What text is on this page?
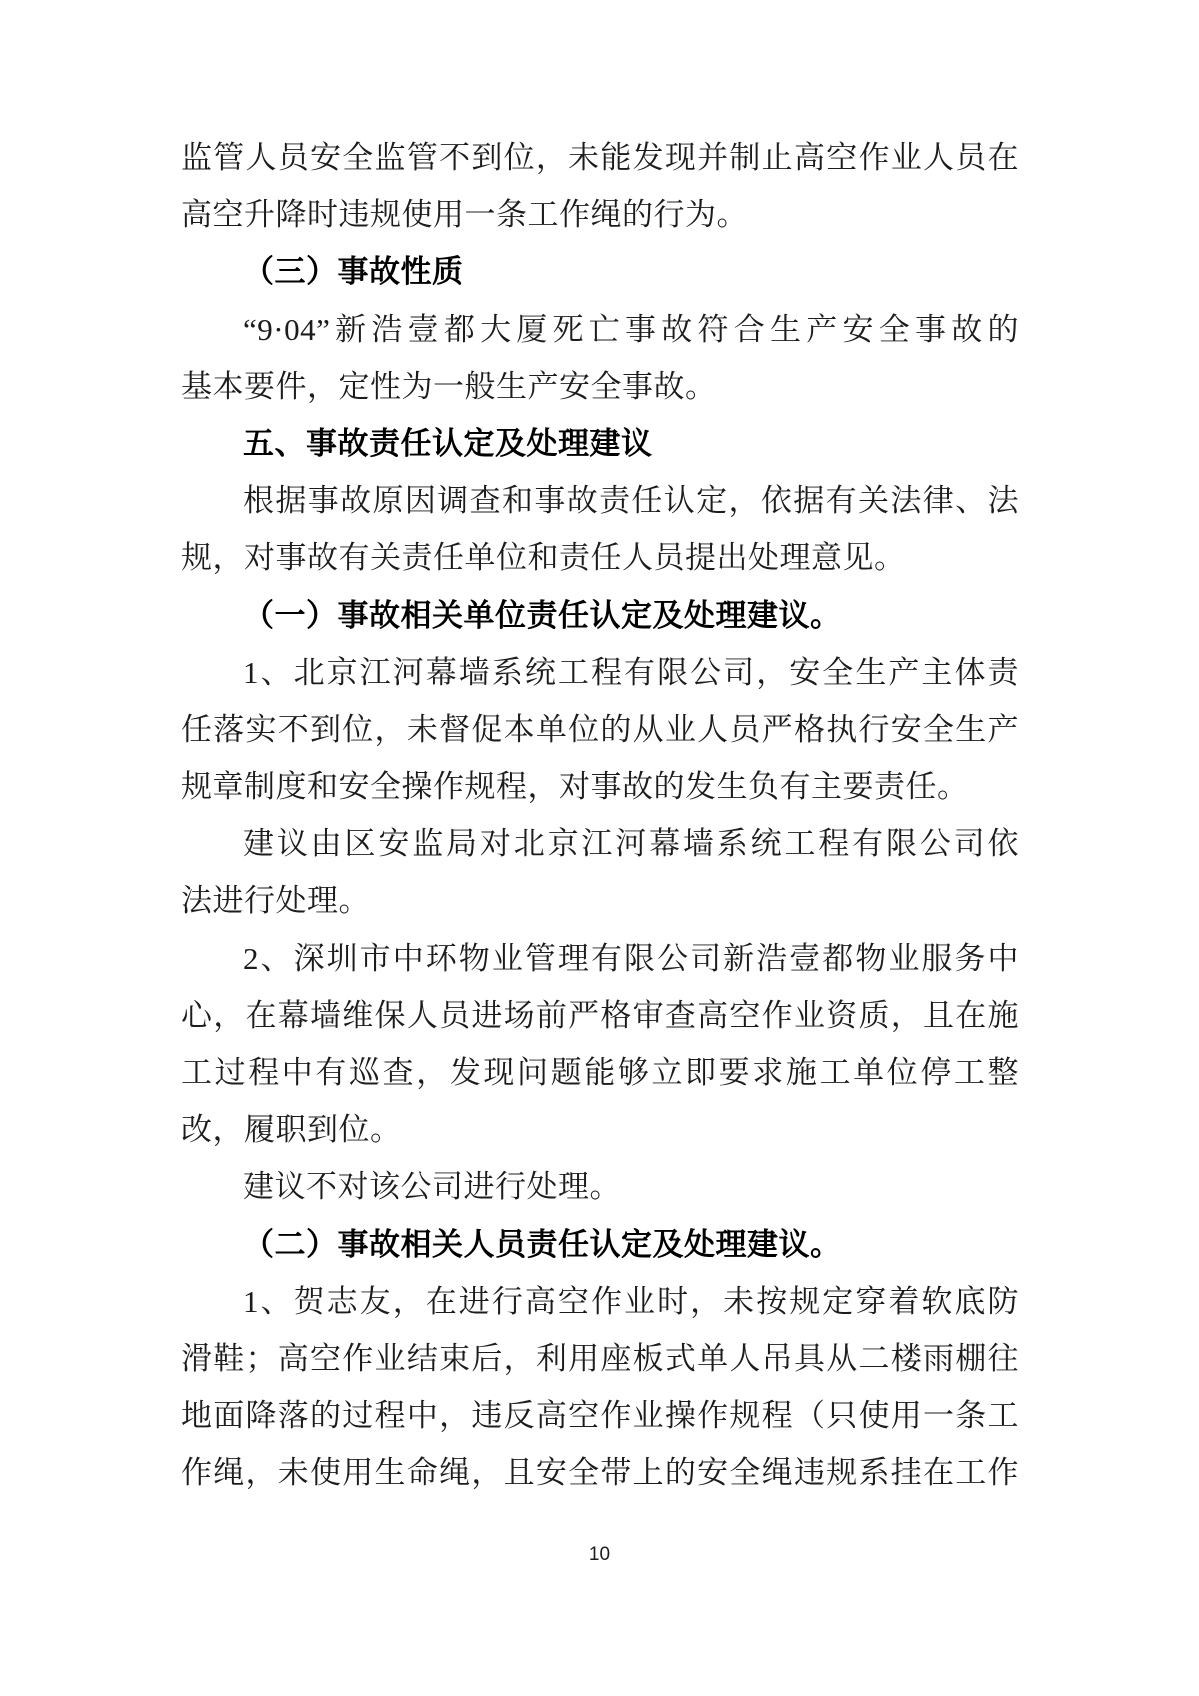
监管人员安全监管不到位，未能发现并制止高空作业人员在
高空升降时违规使用一条工作绳的行为。
（三）事故性质
“9·04”新浩壹都大厦死亡事故符合生产安全事故的
基本要件，定性为一般生产安全事故。
五、事故责任认定及处理建议
根据事故原因调查和事故责任认定，依据有关法律、法
规，对事故有关责任单位和责任人员提出处理意见。
（一）事故相关单位责任认定及处理建议。
1、北京江河幕墙系统工程有限公司，安全生产主体责
任落实不到位，未督促本单位的从业人员严格执行安全生产
规章制度和安全操作规程，对事故的发生负有主要责任。
建议由区安监局对北京江河幕墙系统工程有限公司依
法进行处理。
2、深圳市中环物业管理有限公司新浩壹都物业服务中
心，在幕墙维保人员进场前严格审查高空作业资质，且在施
工过程中有巡查，发现问题能够立即要求施工单位停工整
改，履职到位。
建议不对该公司进行处理。
（二）事故相关人员责任认定及处理建议。
1、贺志友，在进行高空作业时，未按规定穿着软底防
滑鞋；高空作业结束后，利用座板式单人吊具从二楼雨棚往
地面降落的过程中，违反高空作业操作规程（只使用一条工
作绳，未使用生命绳，且安全带上的安全绳违规系挂在工作
10
